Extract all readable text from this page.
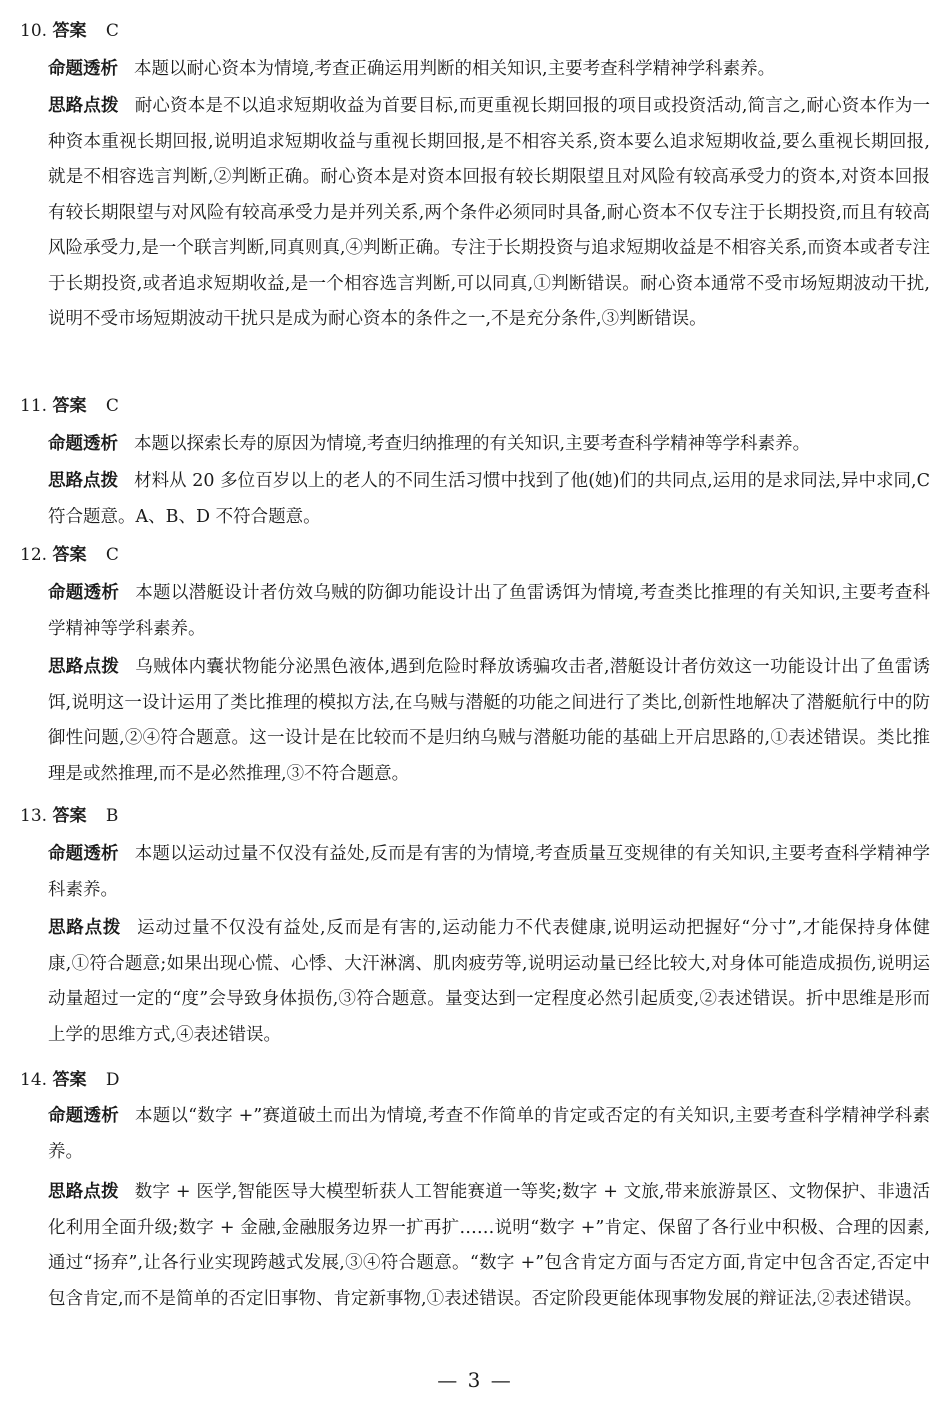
10. 答案 C
命题透析 本题以耐心资本为情境,考查正确运用判断的相关知识,主要考查科学精神学科素养。
思路点拨 耐心资本是不以追求短期收益为首要目标,而更重视长期回报的项目或投资活动,简言之,耐心资本作为一种资本重视长期回报,说明追求短期收益与重视长期回报,是不相容关系,资本要么追求短期收益,要么重视长期回报,就是不相容选言判断,②判断正确。耐心资本是对资本回报有较长期限望且对风险有较高承受力的资本,对资本回报有较长期限望与对风险有较高承受力是并列关系,两个条件必须同时具备,耐心资本不仅专注于长期投资,而且有较高风险承受力,是一个联言判断,同真则真,④判断正确。专注于长期投资与追求短期收益是不相容关系,而资本或者专注于长期投资,或者追求短期收益,是一个相容选言判断,可以同真,①判断错误。耐心资本通常不受市场短期波动干扰,说明不受市场短期波动干扰只是成为耐心资本的条件之一,不是充分条件,③判断错误。
11. 答案 C
命题透析 本题以探索长寿的原因为情境,考查归纳推理的有关知识,主要考查科学精神等学科素养。
思路点拨 材料从 20 多位百岁以上的老人的不同生活习惯中找到了他(她)们的共同点,运用的是求同法,异中求同,C 符合题意。A、B、D 不符合题意。
12. 答案 C
命题透析 本题以潜艇设计者仿效乌贼的防御功能设计出了鱼雷诱饵为情境,考查类比推理的有关知识,主要考查科学精神等学科素养。
思路点拨 乌贼体内囊状物能分泌黑色液体,遇到危险时释放诱骗攻击者,潜艇设计者仿效这一功能设计出了鱼雷诱饵,说明这一设计运用了类比推理的模拟方法,在乌贼与潜艇的功能之间进行了类比,创新性地解决了潜艇航行中的防御性问题,②④符合题意。这一设计是在比较而不是归纳乌贼与潜艇功能的基础上开启思路的,①表述错误。类比推理是或然推理,而不是必然推理,③不符合题意。
13. 答案 B
命题透析 本题以运动过量不仅没有益处,反而是有害的为情境,考查质量互变规律的有关知识,主要考查科学精神学科素养。
思路点拨 运动过量不仅没有益处,反而是有害的,运动能力不代表健康,说明运动把握好“分寸”,才能保持身体健康,①符合题意;如果出现心慌、心悸、大汗淋漓、肌肉疲劳等,说明运动量已经比较大,对身体可能造成损伤,说明运动量超过一定的“度”会导致身体损伤,③符合题意。量变达到一定程度必然引起质变,②表述错误。折中思维是形而上学的思维方式,④表述错误。
14. 答案 D
命题透析 本题以“数字 +”赛道破土而出为情境,考查不作简单的肯定或否定的有关知识,主要考查科学精神学科素养。
思路点拨 数字 + 医学,智能医导大模型斩获人工智能赛道一等奖;数字 + 文旅,带来旅游景区、文物保护、非遗活化利用全面升级;数字 + 金融,金融服务边界一扩再扩……说明“数字 +”肯定、保留了各行业中积极、合理的因素,通过“扬弃”,让各行业实现跨越式发展,③④符合题意。“数字 +”包含肯定方面与否定方面,肯定中包含否定,否定中包含肯定,而不是简单的否定旧事物、肯定新事物,①表述错误。否定阶段更能体现事物发展的辩证法,②表述错误。
— 3 —
